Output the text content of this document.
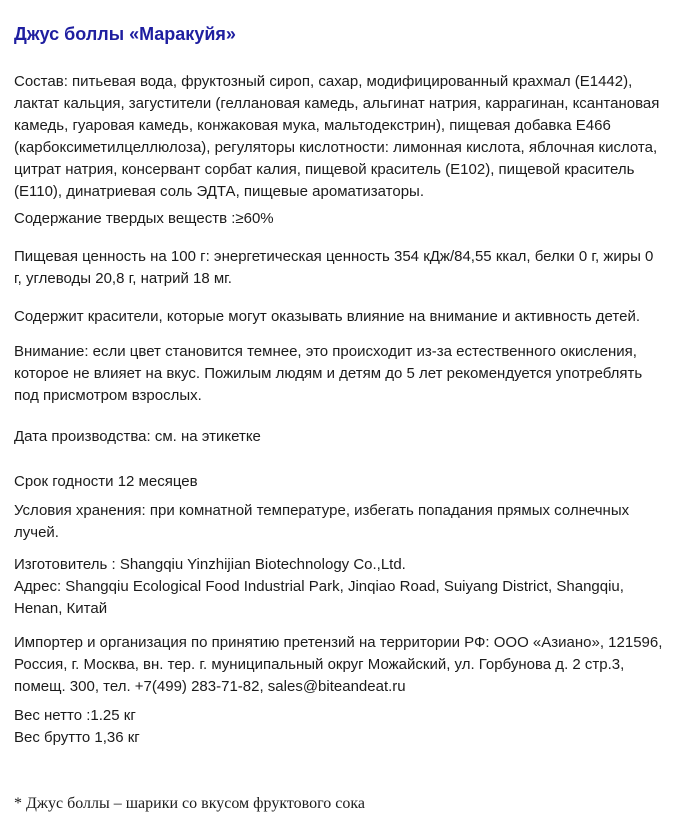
Джус боллы «Маракуйя»

Состав: питьевая вода, фруктозный сироп, сахар, модифицированный крахмал (Е1442), лактат кальция, загустители (геллановая камедь, альгинат натрия, каррагинан, ксантановая камедь, гуаровая камедь, конжаковая мука, мальтодекстрин), пищевая добавка Е466 (карбоксиметилцеллюлоза), регуляторы кислотности: лимонная кислота, яблочная кислота, цитрат натрия, консервант сорбат калия, пищевой краситель (Е102), пищевой краситель (Е110), динатриевая соль ЭДТА, пищевые ароматизаторы.

Содержание твердых веществ :≥60%

Пищевая ценность на 100 г: энергетическая ценность 354 кДж/84,55 ккал, белки 0 г, жиры 0 г, углеводы 20,8 г, натрий 18 мг.

Содержит красители, которые могут оказывать влияние на внимание и активность детей.

Внимание: если цвет становится темнее, это происходит из-за естественного окисления, которое не влияет на вкус. Пожилым людям и детям до 5 лет рекомендуется употреблять под присмотром взрослых.

Дата производства: см. на этикетке

Срок годности 12 месяцев

Условия хранения: при комнатной температуре, избегать попадания прямых солнечных лучей.

Изготовитель : Shangqiu Yinzhijian Biotechnology Co.,Ltd.

Адрес: Shangqiu Ecological Food Industrial Park, Jinqiao Road, Suiyang District, Shangqiu, Henan, Китай

Импортер и организация по принятию претензий на территории РФ: ООО «Азиано», 121596, Россия, г. Москва, вн. тер. г. муниципальный округ Можайский, ул. Горбунова д. 2 стр.3, помещ. 300, тел. +7(499) 283-71-82, sales@biteandeat.ru

Вес нетто :1.25 кг

Вес брутто 1,36 кг

* Джус боллы – шарики со вкусом фруктового сока
